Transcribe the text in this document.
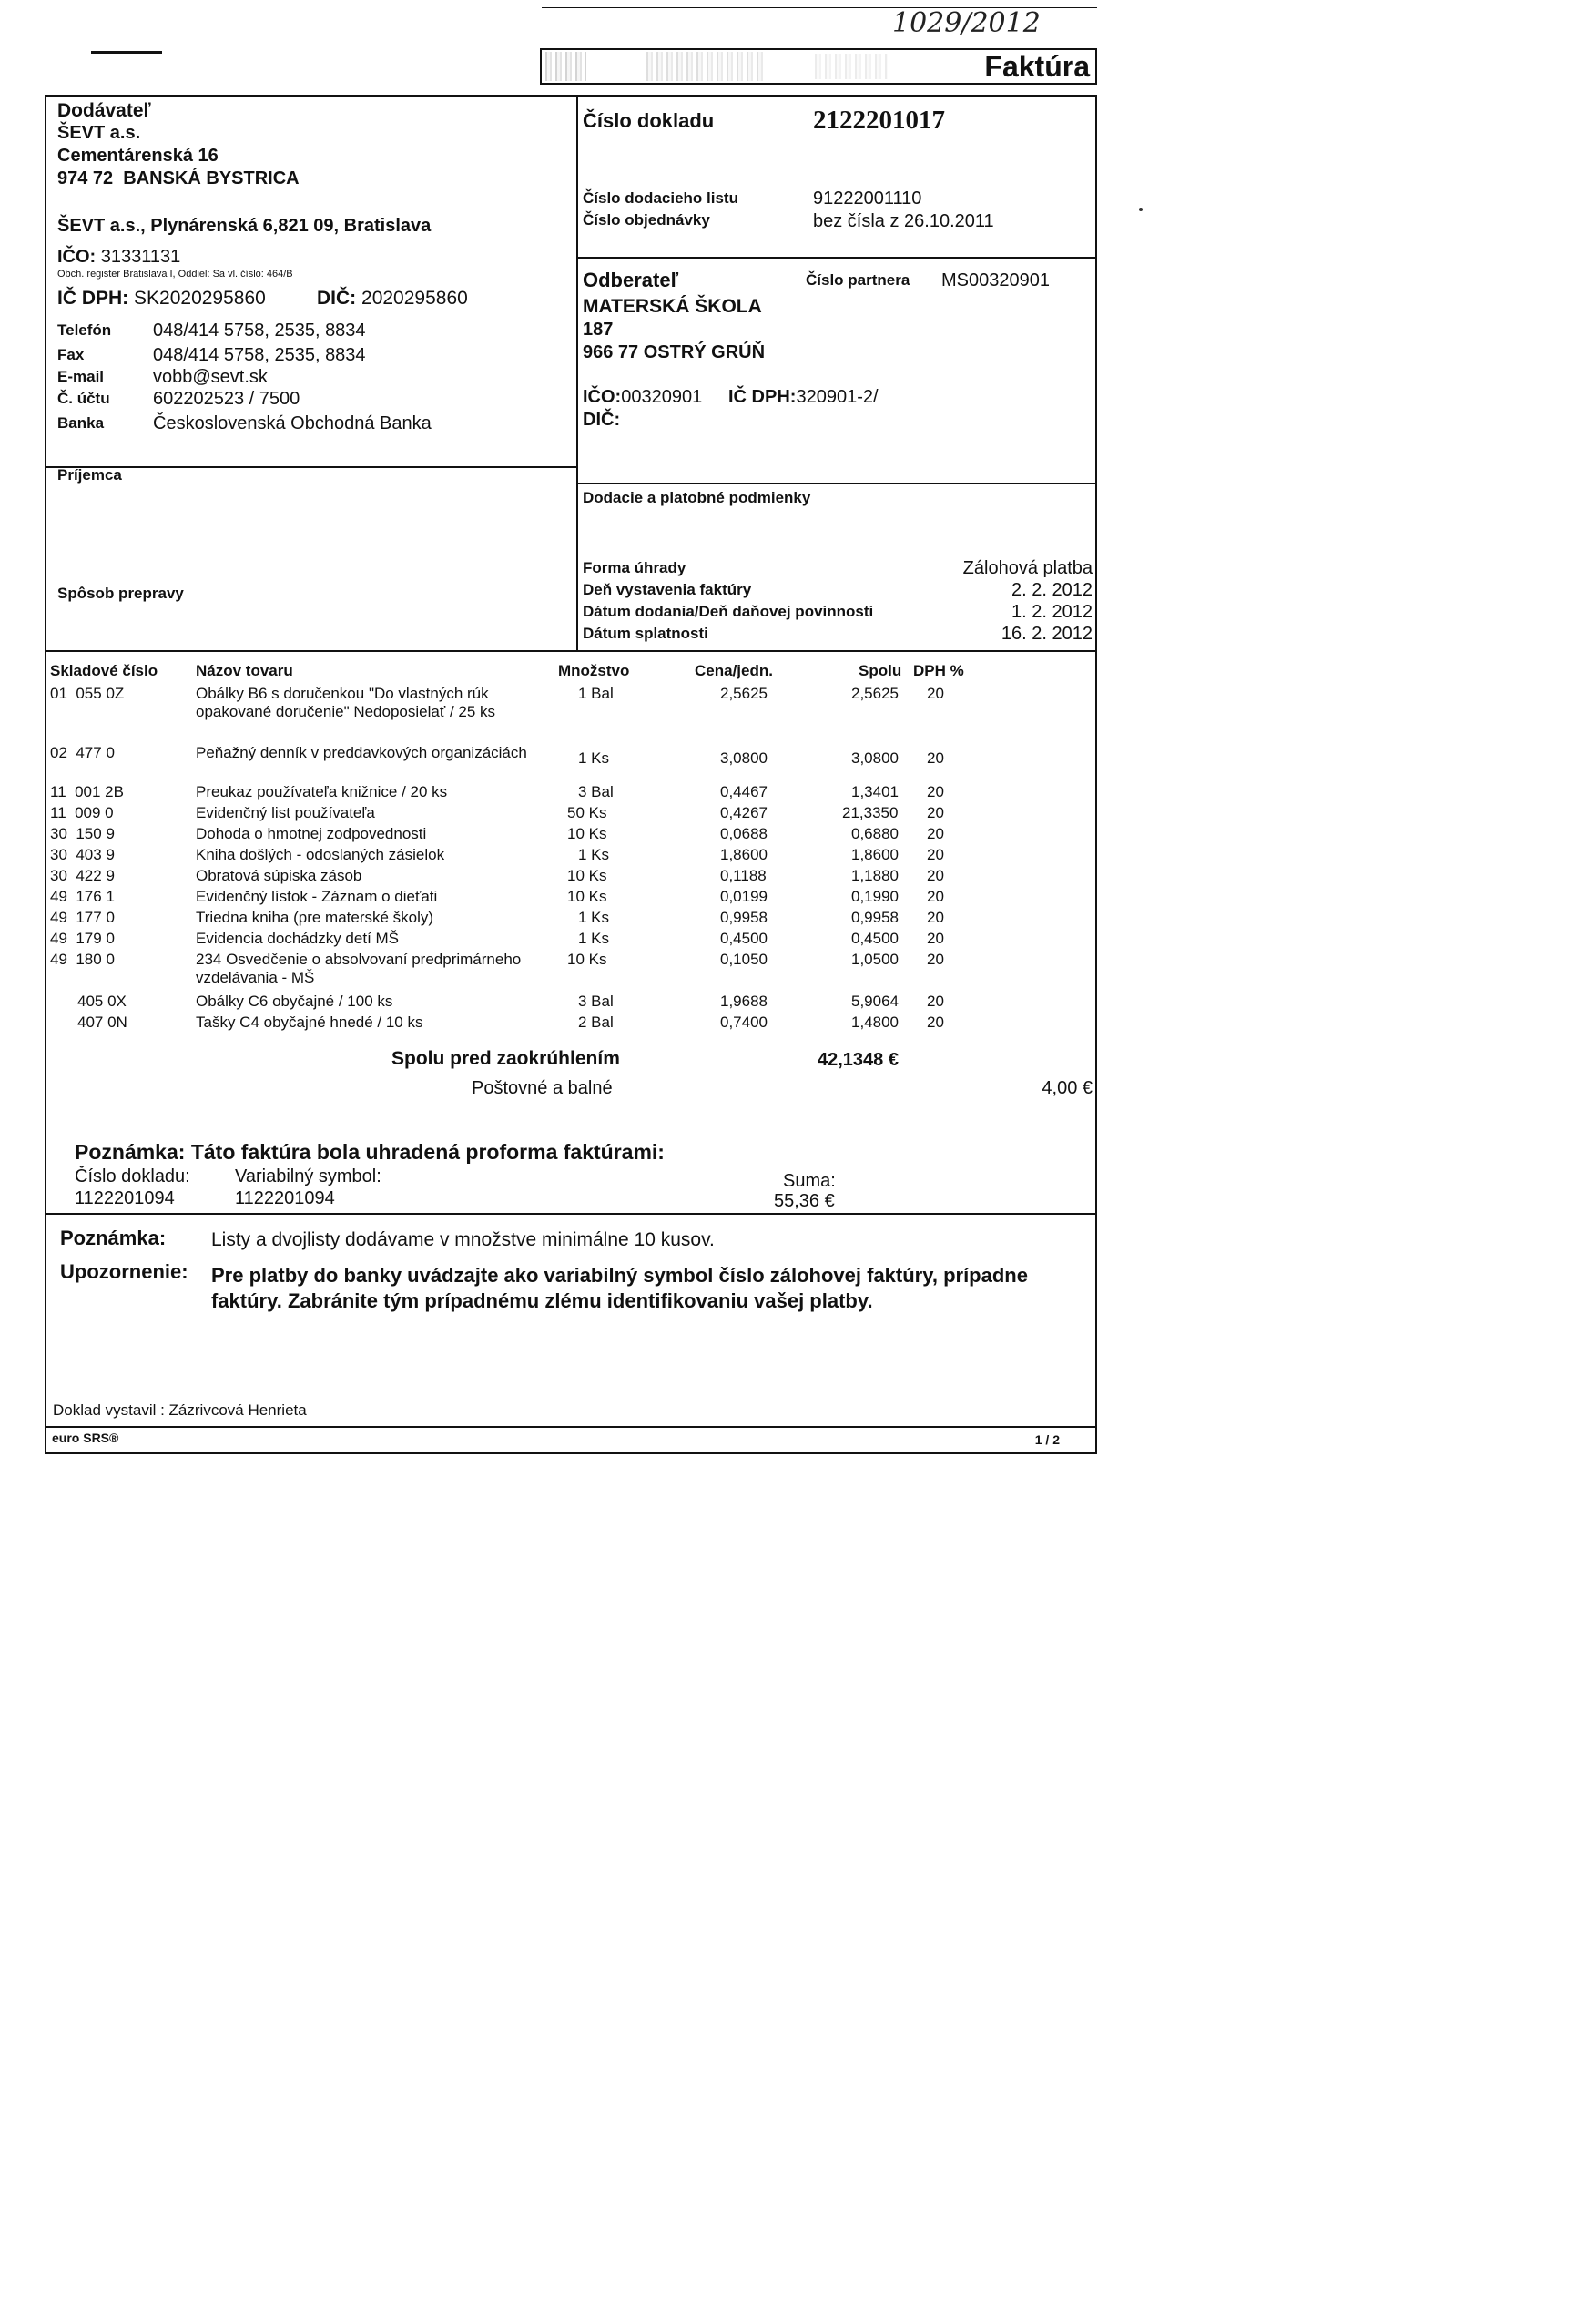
1029/2012
Faktúra
Dodávateľ
ŠEVT a.s.
Cementárenská 16
974 72  BANSKÁ BYSTRICA
ŠEVT a.s., Plynárenská 6,821 09, Bratislava
IČO: 31331131
Obch. register Bratislava I, Oddiel: Sa vl. číslo: 464/B
IČ DPH: SK2020295860	DIČ: 2020295860
Telefón 048/414 5758, 2535, 8834
Fax	048/414 5758, 2535, 8834
E-mail	vobb@sevt.sk
Č. účtu 602202523 / 7500
Banka	Československá Obchodná Banka
Číslo dokladu	2122201017
Číslo dodacieho listu	91222001110
Číslo objednávky	bez čísla z 26.10.2011
Odberateľ	Číslo partnera MS00320901
MATERSKÁ ŠKOLA
187
966 77 OSTRÝ GRÚŇ
IČO:00320901 IČ DPH:320901-2/
DIČ:
Príjemca
Spôsob prepravy
Dodacie a platobné podmienky
Forma úhrady	Zálohová platba
Deň vystavenia faktúry	2. 2. 2012
Dátum dodania/Deň daňovej povinnosti	1. 2. 2012
Dátum splatnosti	16. 2. 2012
Skladové číslo Názov tovaru	Množstvo	Cena/jedn.	Spolu DPH %
01  055 0Z	Obálky B6 s doručenkou "Do vlastných rúk opakované doručenie" Nedoposielať / 25 ks
1 Bal	2,5625	2,5625 20
02  477 0	Peňažný denník v preddavkových organizáciách	1 Ks	3,0800	3,0800 20
11  001 2B	Preukaz používateľa knižnice / 20 ks	3 Bal	0,4467	1,3401 20
11  009 0	Evidenčný list používateľa	50 Ks	0,4267	21,3350 20
30  150 9	Dohoda o hmotnej zodpovednosti	10 Ks	0,0688	0,6880 20
30  403 9	Kniha došlých - odoslaných zásielok	1 Ks	1,8600	1,8600 20
30  422 9	Obratová súpiska zásob	10 Ks	0,1188	1,1880 20
49  176 1	Evidenčný lístok - Záznam o dieťati	10 Ks	0,0199	0,1990 20
49  177 0	Triedna kniha (pre materské školy)	1 Ks	0,9958	0,9958 20
49  179 0	Evidencia dochádzky detí MŠ	1 Ks	0,4500	0,4500 20
49  180 0	234 Osvedčenie o absolvovaní predprimárneho vzdelávania - MŠ
10 Ks	0,1050	1,0500 20
405 0X	Obálky C6 obyčajné / 100 ks	3 Bal	1,9688	5,9064 20
407 0N	Tašky C4 obyčajné hnedé / 10 ks	2 Bal	0,7400	1,4800 20
Spolu pred zaokrúhlením	42,1348 €
Poštovné a balné	4,00 €
Poznámka: Táto faktúra bola uhradená proforma faktúrami:
Číslo dokladu:
1122201094
Variabilný symbol:
1122201094
Suma:
55,36 €
Poznámka: Listy a dvojlisty dodávame v množstve minimálne 10 kusov.
Upozornenie: Pre platby do banky uvádzajte ako variabilný symbol číslo zálohovej faktúry, prípadne
faktúry. Zabránite tým prípadnému zlému identifikovaniu vašej platby.
Doklad vystavil : Zázrivcová Henrieta
euro SRS®	1 / 2
